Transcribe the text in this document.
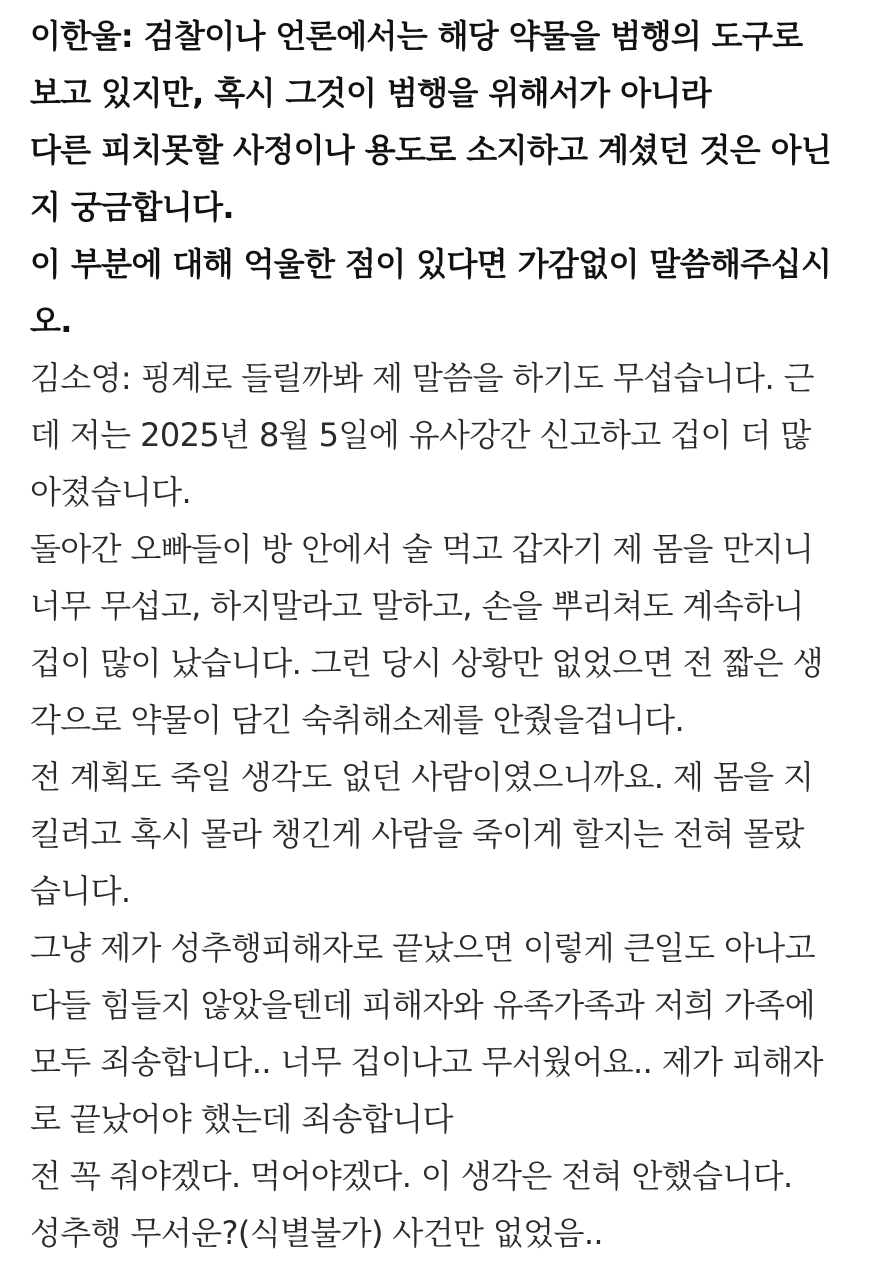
이한울: 검찰이나 언론에서는 해당 약물을 범행의 도구로
보고 있지만, 혹시 그것이 범행을 위해서가 아니라
다른 피치못할 사정이나 용도로 소지하고 계셨던 것은 아닌
지 궁금합니다.
이 부분에 대해 억울한 점이 있다면 가감없이 말씀해주십시
오.
김소영: 핑계로 들릴까봐 제 말씀을 하기도 무섭습니다. 근
데 저는 2025년 8월 5일에 유사강간 신고하고 겁이 더 많
아졌습니다.
돌아간 오빠들이 방 안에서 술 먹고 갑자기 제 몸을 만지니
너무 무섭고, 하지말라고 말하고, 손을 뿌리쳐도 계속하니
겁이 많이 났습니다. 그런 당시 상황만 없었으면 전 짧은 생
각으로 약물이 담긴 숙취해소제를 안줬을겁니다.
전 계획도 죽일 생각도 없던 사람이였으니까요. 제 몸을 지
킬려고 혹시 몰라 챙긴게 사람을 죽이게 할지는 전혀 몰랐
습니다.
그냥 제가 성추행피해자로 끝났으면 이렇게 큰일도 아나고
다들 힘들지 않았을텐데 피해자와 유족가족과 저희 가족에
모두 죄송합니다.. 너무 겁이나고 무서웠어요.. 제가 피해자
로 끝났어야 했는데 죄송합니다
전 꼭 줘야겠다. 먹어야겠다. 이 생각은 전혀 안했습니다.
성추행 무서운?(식별불가) 사건만 없었음..
